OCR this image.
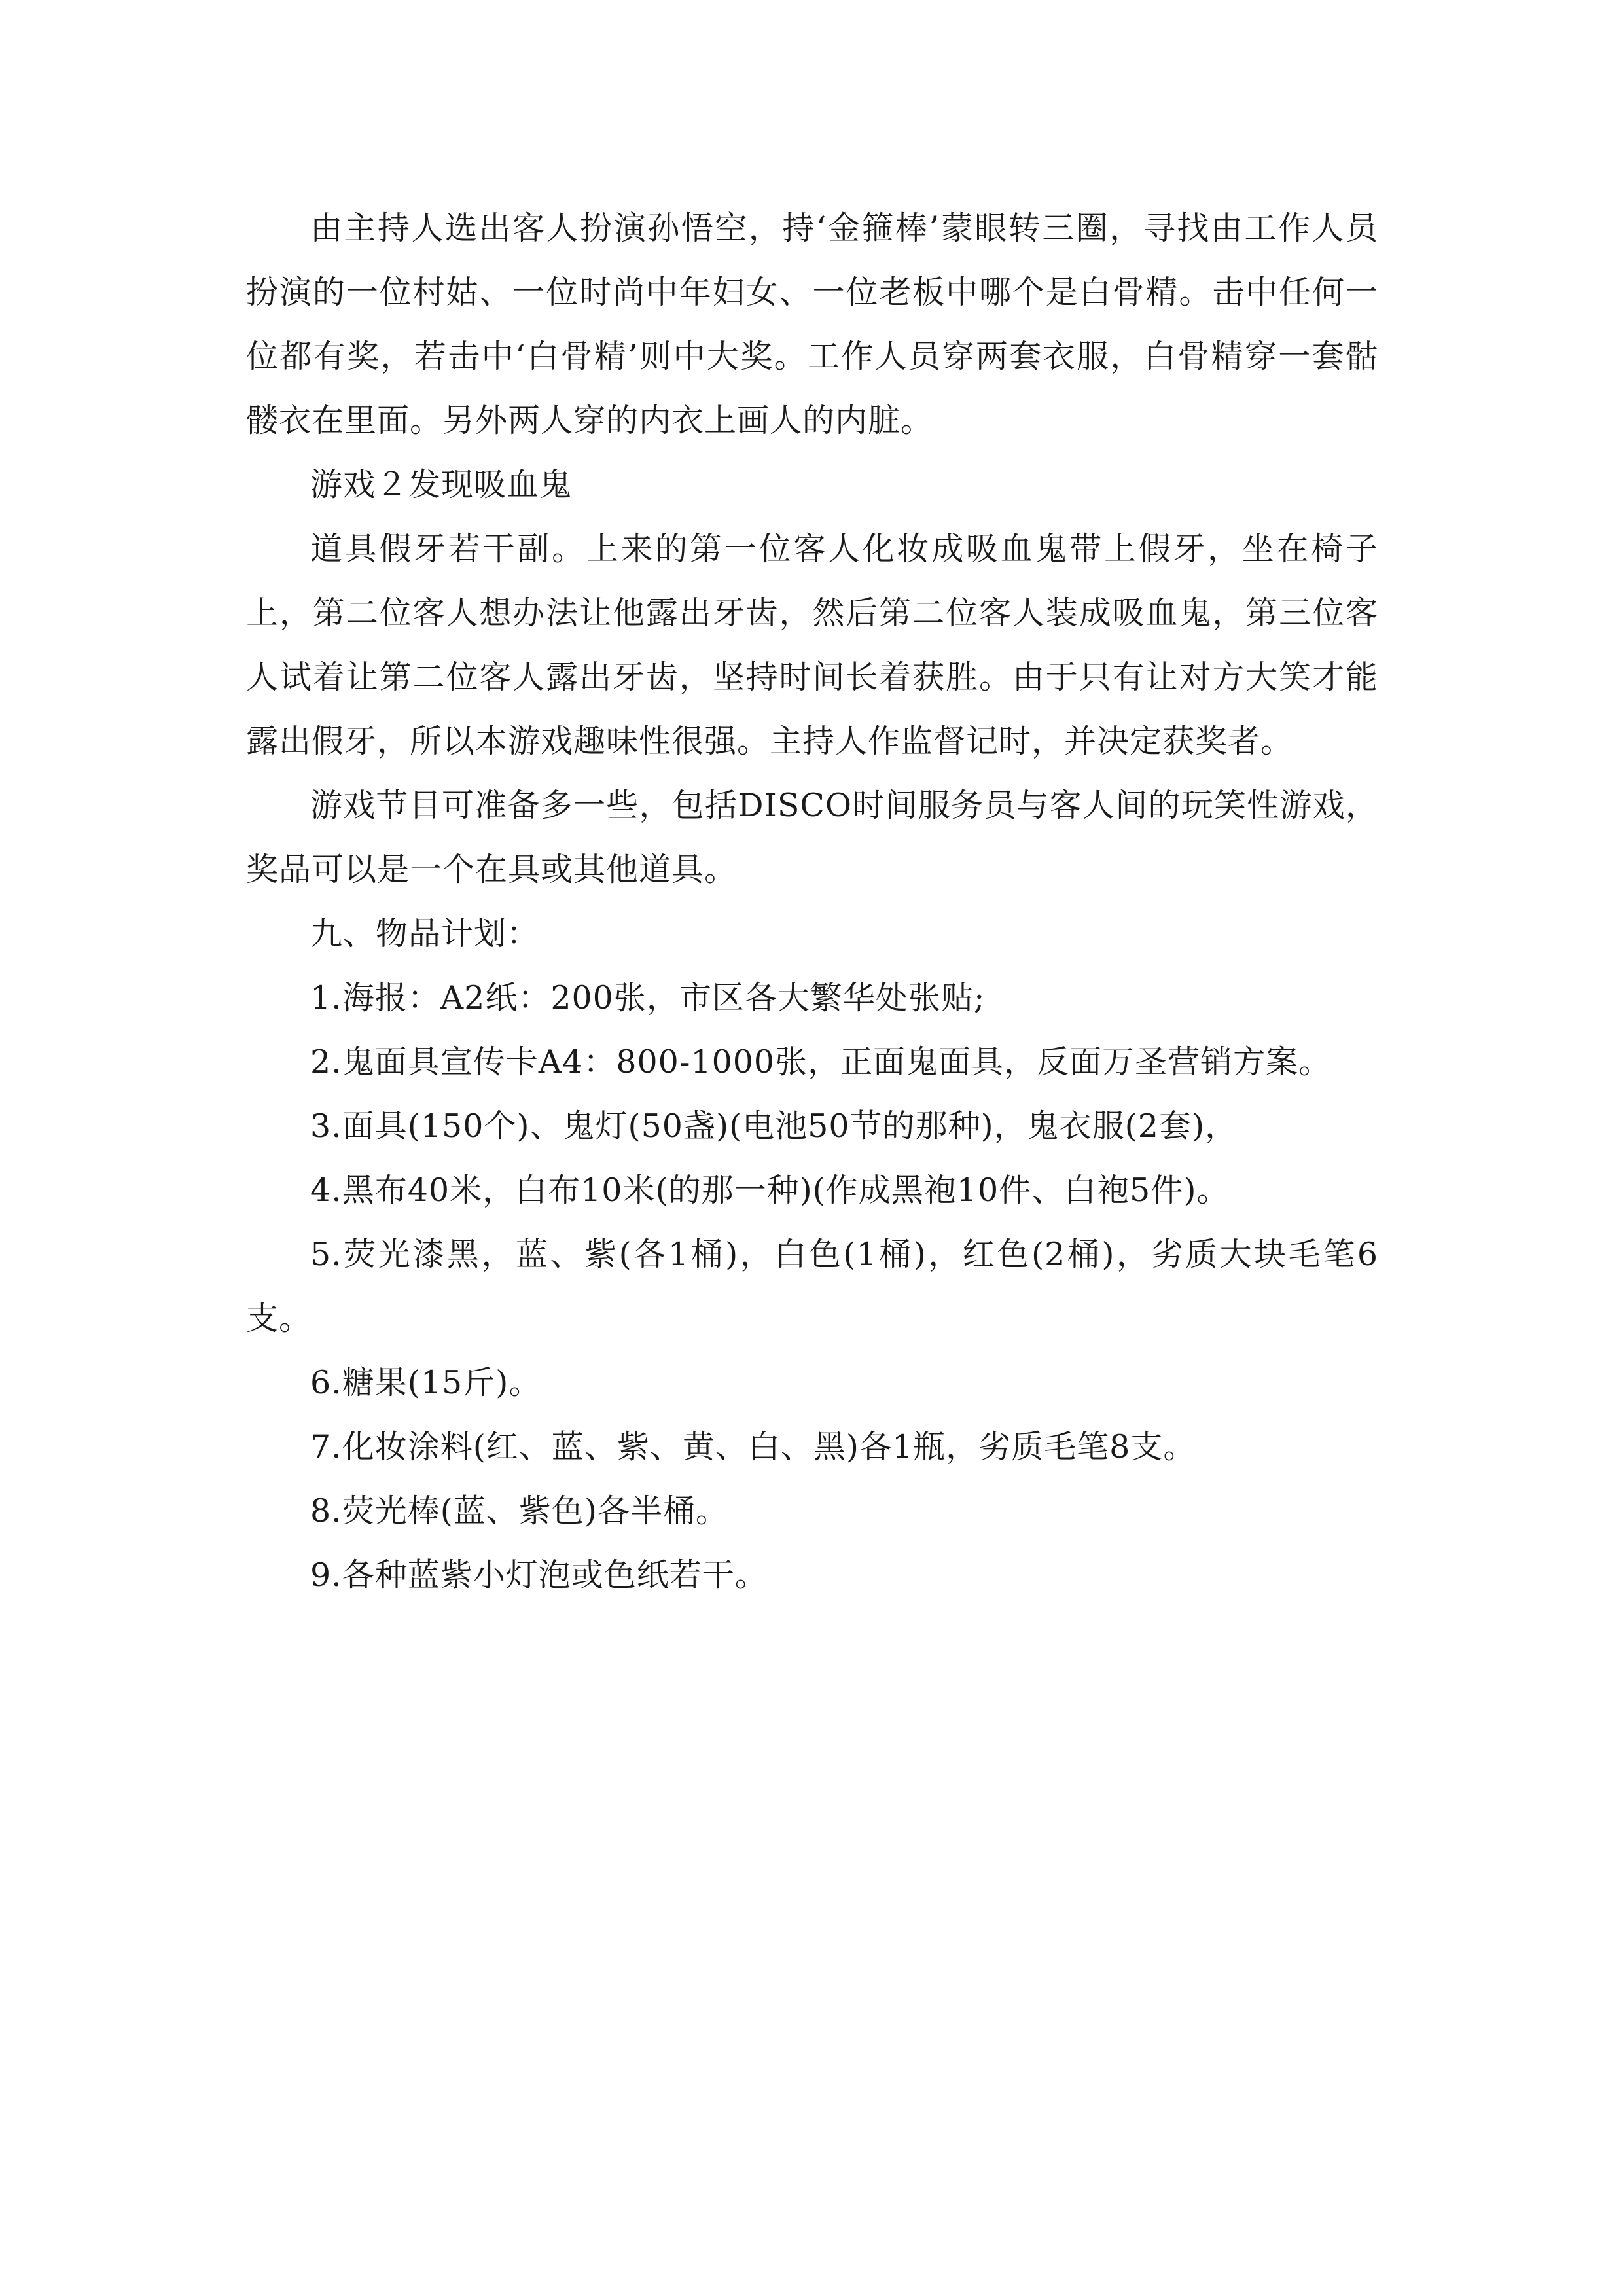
由主持人选出客人扮演孙悟空，持‘金箍棒’蒙眼转三圈，寻找由工作人员扮演的一位村姑、一位时尚中年妇女、一位老板中哪个是白骨精。击中任何一位都有奖，若击中‘白骨精’则中大奖。工作人员穿两套衣服，白骨精穿一套骷髅衣在里面。另外两人穿的内衣上画人的内脏。

游戏２发现吸血鬼

道具假牙若干副。上来的第一位客人化妆成吸血鬼带上假牙，坐在椅子上，第二位客人想办法让他露出牙齿，然后第二位客人装成吸血鬼，第三位客人试着让第二位客人露出牙齿，坚持时间长着获胜。由于只有让对方大笑才能露出假牙，所以本游戏趣味性很强。主持人作监督记时，并决定获奖者。

游戏节目可准备多一些，包括DISCO时间服务员与客人间的玩笑性游戏，奖品可以是一个在具或其他道具。

九、物品计划：

1.海报：A2纸：200张，市区各大繁华处张贴;

2.鬼面具宣传卡A4：800-1000张，正面鬼面具，反面万圣营销方案。

3.面具(150个)、鬼灯(50盏)(电池50节的那种)，鬼衣服(2套)，

4.黑布40米，白布10米(的那一种)(作成黑袍10件、白袍5件)。

5.荧光漆黑，蓝、紫(各1桶)，白色(1桶)，红色(2桶)，劣质大块毛笔6支。

6.糖果(15斤)。

7.化妆涂料(红、蓝、紫、黄、白、黑)各1瓶，劣质毛笔8支。

8.荧光棒(蓝、紫色)各半桶。

9.各种蓝紫小灯泡或色纸若干。
